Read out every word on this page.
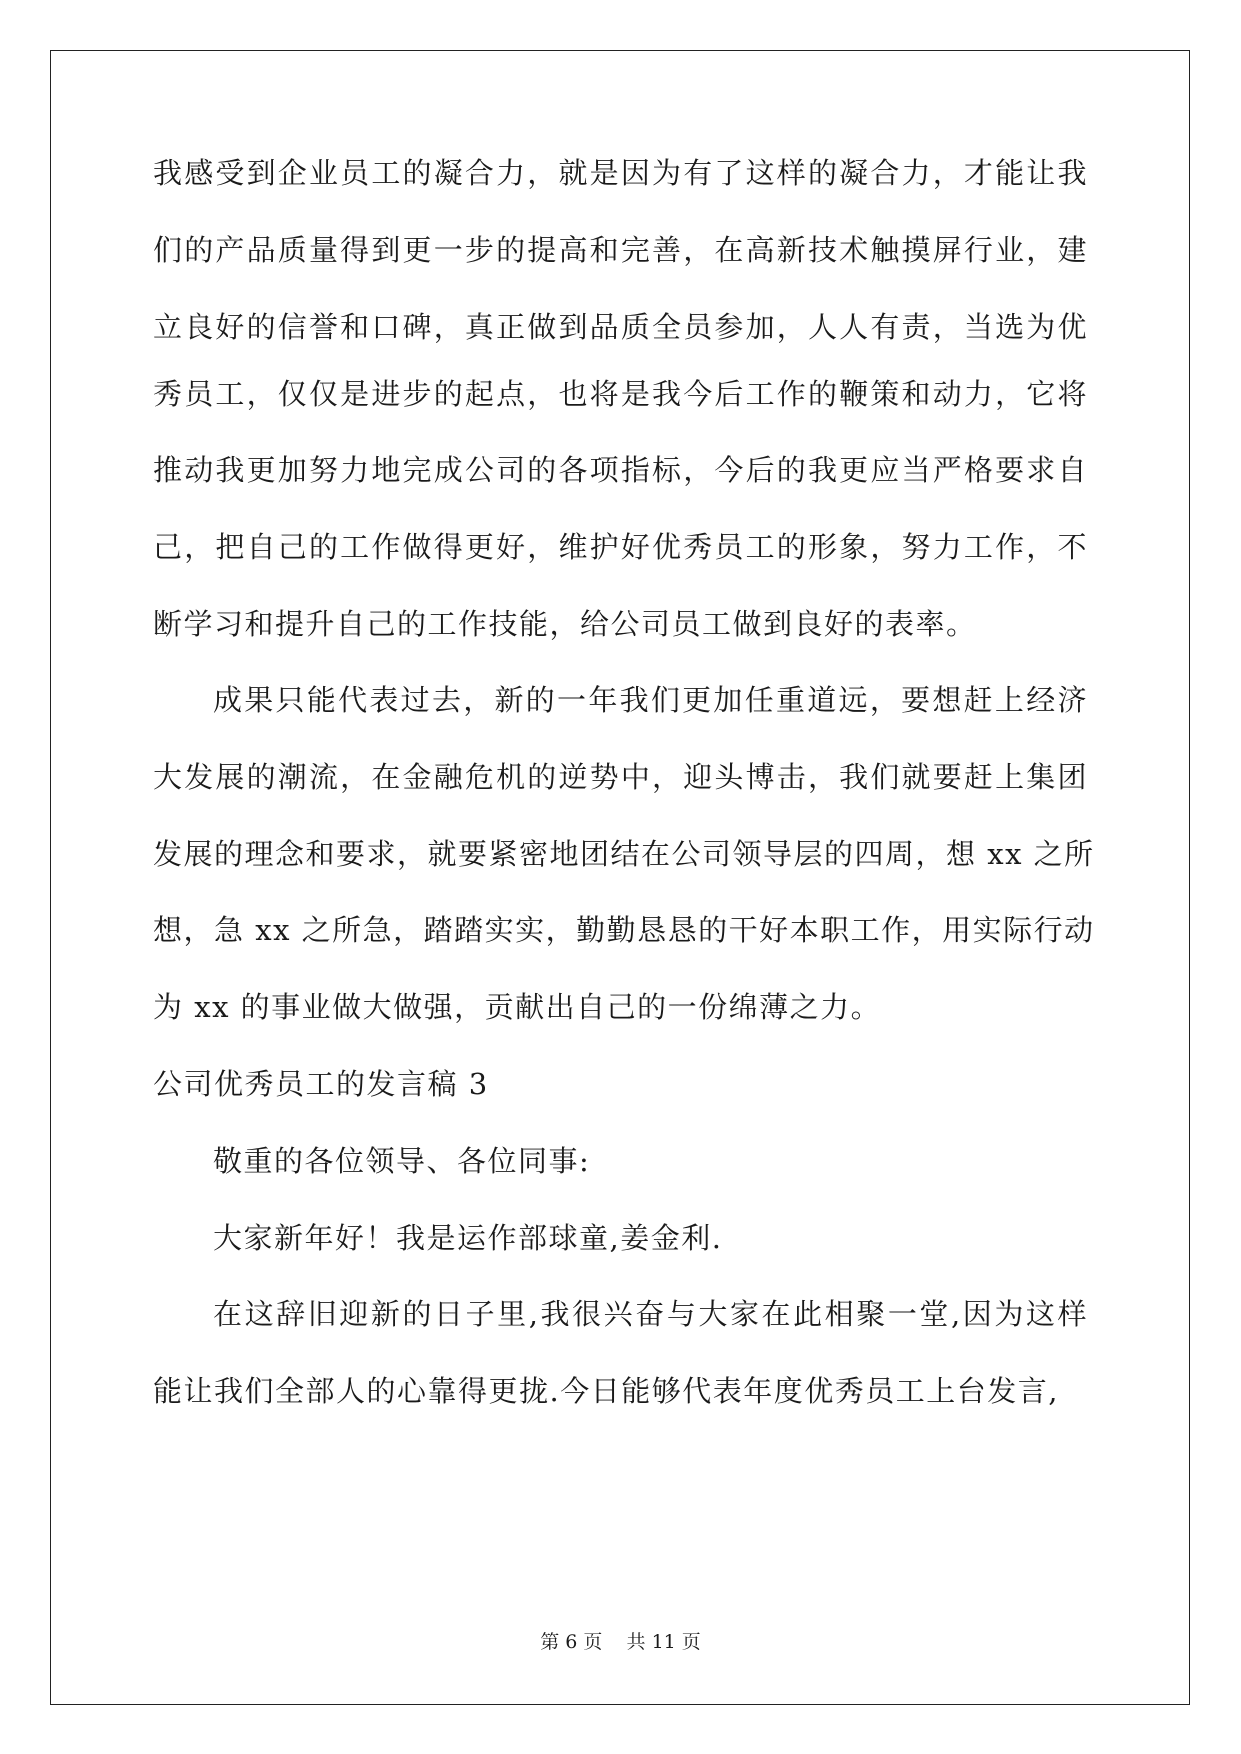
我感受到企业员工的凝合力，就是因为有了这样的凝合力，才能让我
们的产品质量得到更一步的提高和完善，在高新技术触摸屏行业，建
立良好的信誉和口碑，真正做到品质全员参加，人人有责，当选为优
秀员工，仅仅是进步的起点，也将是我今后工作的鞭策和动力，它将
推动我更加努力地完成公司的各项指标，今后的我更应当严格要求自
己，把自己的工作做得更好，维护好优秀员工的形象，努力工作，不
断学习和提升自己的工作技能，给公司员工做到良好的表率。
成果只能代表过去，新的一年我们更加任重道远，要想赶上经济
大发展的潮流，在金融危机的逆势中，迎头博击，我们就要赶上集团
发展的理念和要求，就要紧密地团结在公司领导层的四周，想 xx 之所
想，急 xx 之所急，踏踏实实，勤勤恳恳的干好本职工作，用实际行动
为 xx 的事业做大做强，贡献出自己的一份绵薄之力。
公司优秀员工的发言稿 3
敬重的各位领导、各位同事:
大家新年好！我是运作部球童,姜金利.
在这辞旧迎新的日子里,我很兴奋与大家在此相聚一堂,因为这样
能让我们全部人的心靠得更拢.今日能够代表年度优秀员工上台发言,
第 6 页 共 11 页
